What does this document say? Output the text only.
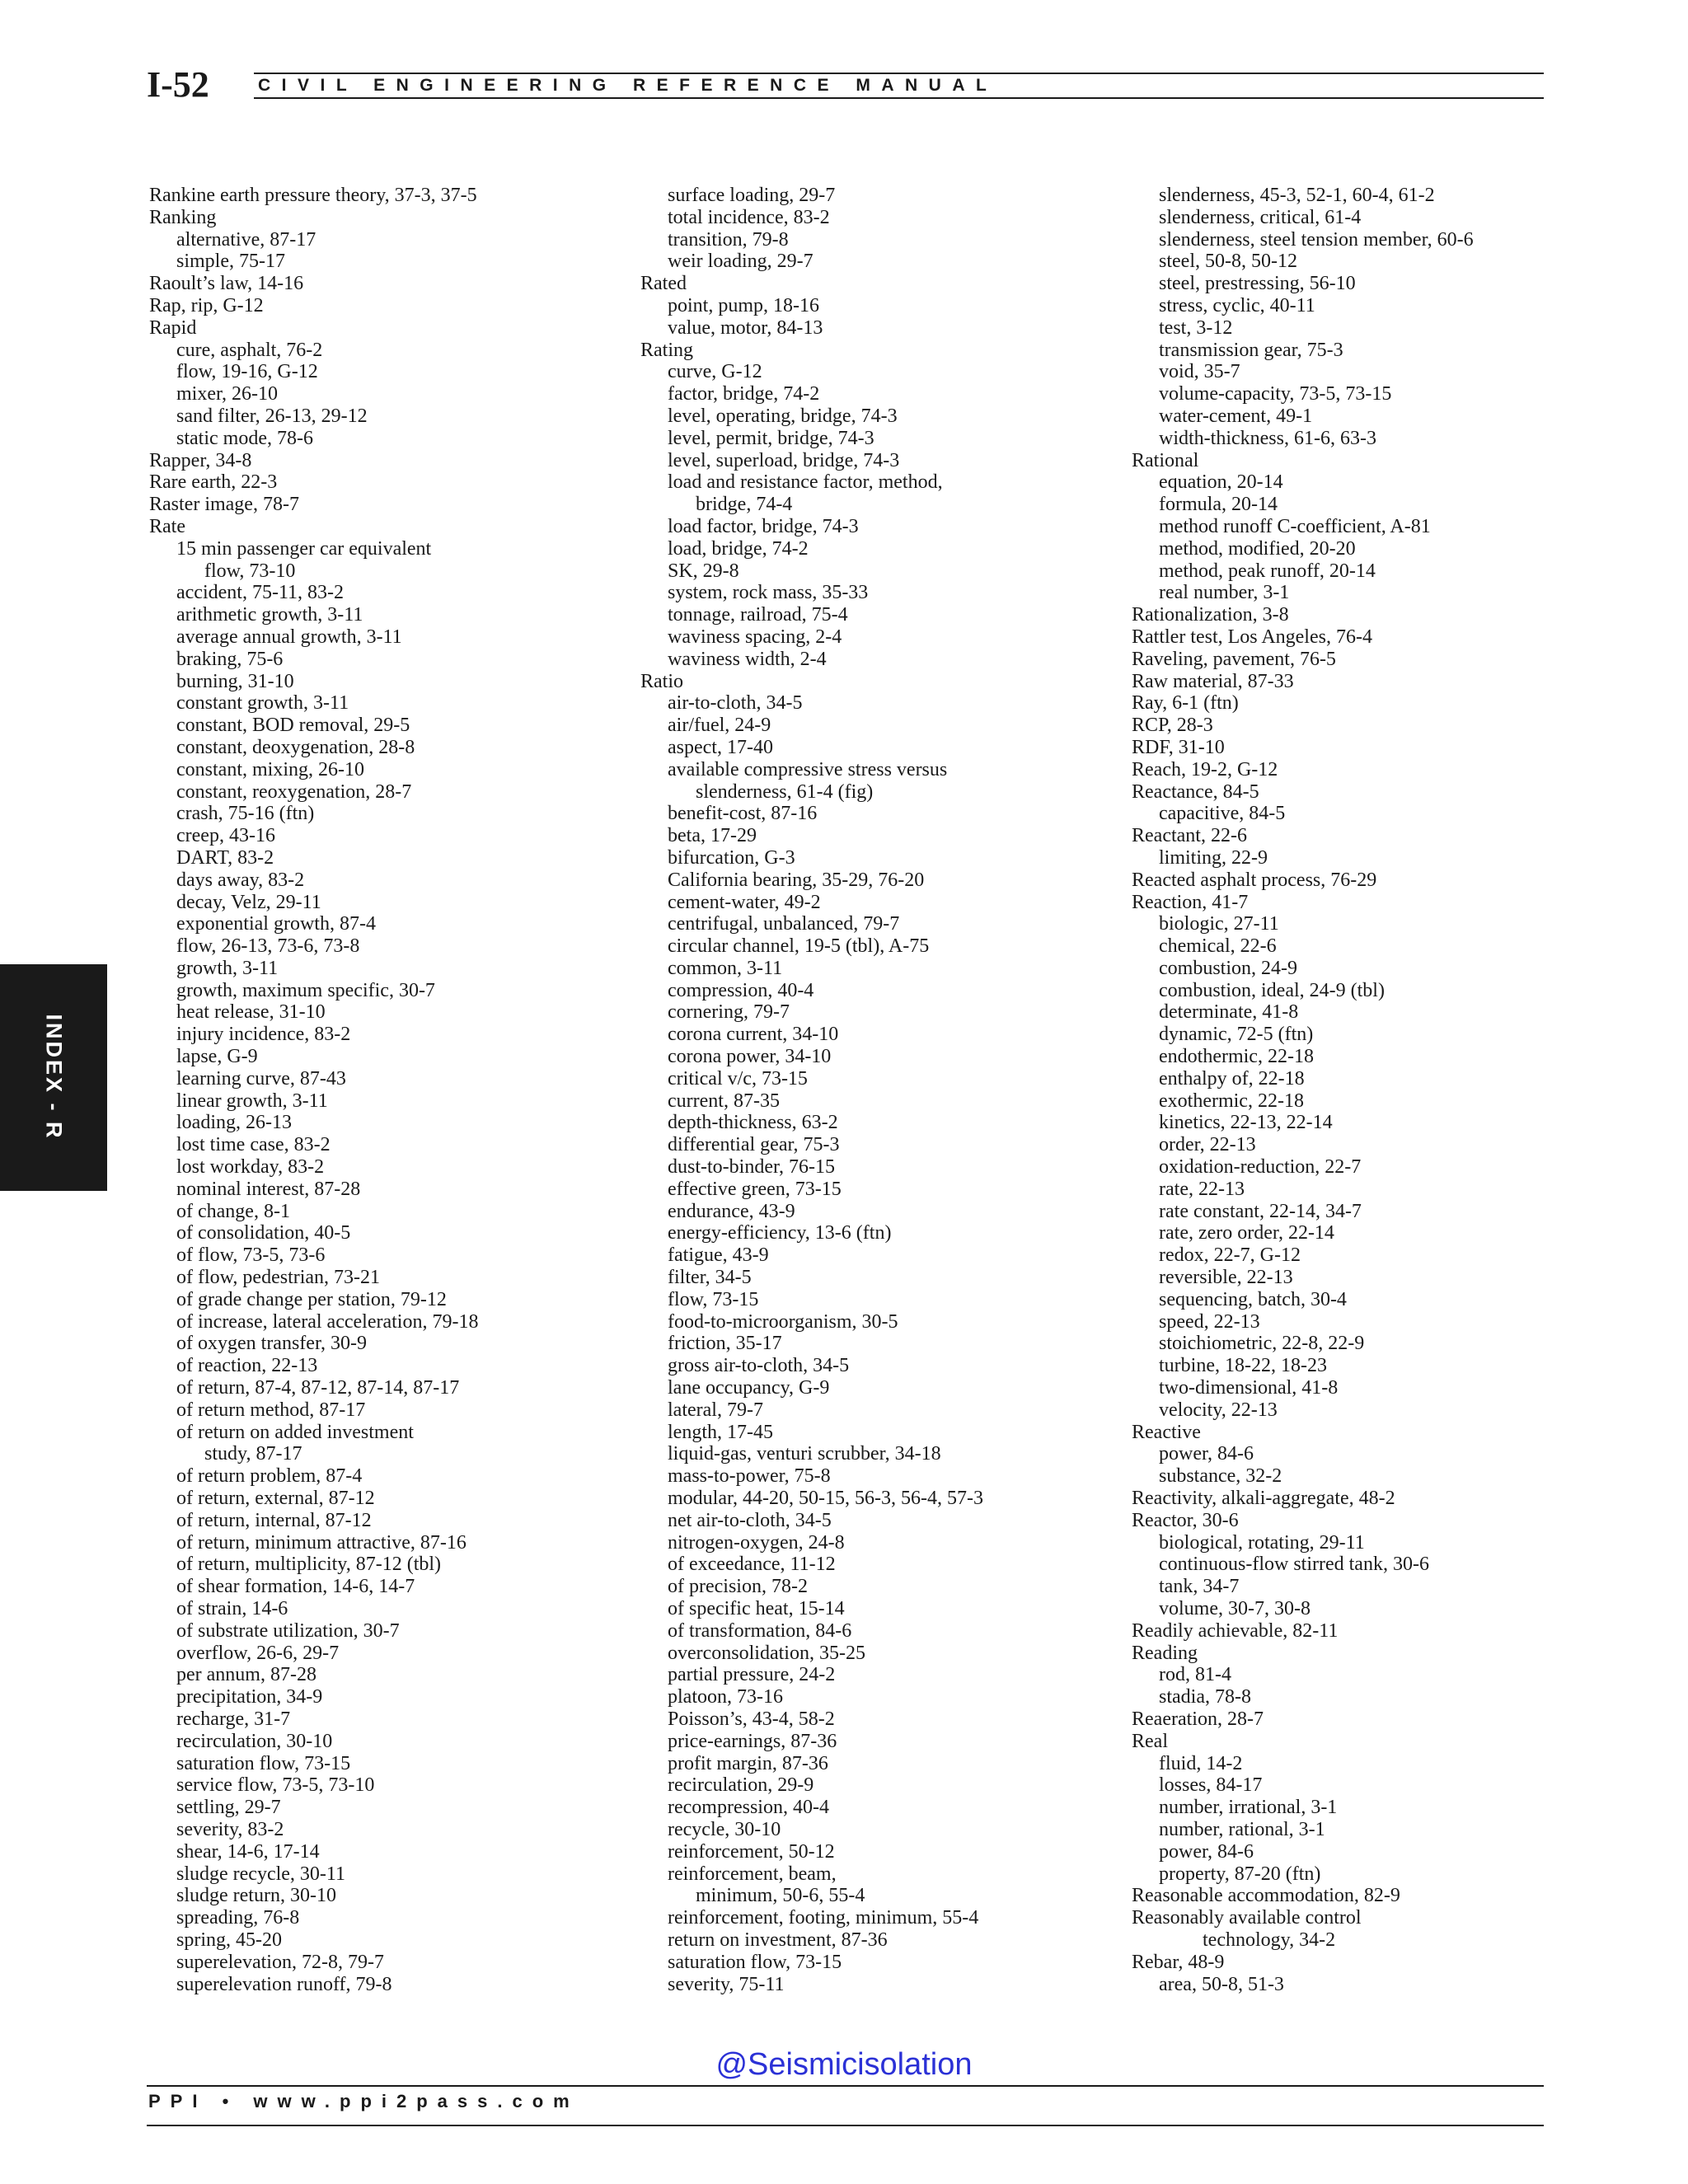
I-52	CIVIL ENGINEERING REFERENCE MANUAL
INDEX - R
Rankine earth pressure theory, 37-3, 37-5
Ranking
alternative, 87-17
simple, 75-17
Raoult’s law, 14-16
Rap, rip, G-12
Rapid
cure, asphalt, 76-2
flow, 19-16, G-12
mixer, 26-10
sand filter, 26-13, 29-12
static mode, 78-6
Rapper, 34-8
Rare earth, 22-3
Raster image, 78-7
Rate
15 min passenger car equivalent
flow, 73-10
accident, 75-11, 83-2
arithmetic growth, 3-11
average annual growth, 3-11
braking, 75-6
burning, 31-10
constant growth, 3-11
constant, BOD removal, 29-5
constant, deoxygenation, 28-8
constant, mixing, 26-10
constant, reoxygenation, 28-7
crash, 75-16 (ftn)
creep, 43-16
DART, 83-2
days away, 83-2
decay, Velz, 29-11
exponential growth, 87-4
flow, 26-13, 73-6, 73-8
growth, 3-11
growth, maximum specific, 30-7
heat release, 31-10
injury incidence, 83-2
lapse, G-9
learning curve, 87-43
linear growth, 3-11
loading, 26-13
lost time case, 83-2
lost workday, 83-2
nominal interest, 87-28
of change, 8-1
of consolidation, 40-5
of flow, 73-5, 73-6
of flow, pedestrian, 73-21
of grade change per station, 79-12
of increase, lateral acceleration, 79-18
of oxygen transfer, 30-9
of reaction, 22-13
of return, 87-4, 87-12, 87-14, 87-17
of return method, 87-17
of return on added investment
study, 87-17
of return problem, 87-4
of return, external, 87-12
of return, internal, 87-12
of return, minimum attractive, 87-16
of return, multiplicity, 87-12 (tbl)
of shear formation, 14-6, 14-7
of strain, 14-6
of substrate utilization, 30-7
overflow, 26-6, 29-7
per annum, 87-28
precipitation, 34-9
recharge, 31-7
recirculation, 30-10
saturation flow, 73-15
service flow, 73-5, 73-10
settling, 29-7
severity, 83-2
shear, 14-6, 17-14
sludge recycle, 30-11
sludge return, 30-10
spreading, 76-8
spring, 45-20
superelevation, 72-8, 79-7
superelevation runoff, 79-8
surface loading, 29-7
total incidence, 83-2
transition, 79-8
weir loading, 29-7
Rated
point, pump, 18-16
value, motor, 84-13
Rating
curve, G-12
factor, bridge, 74-2
level, operating, bridge, 74-3
level, permit, bridge, 74-3
level, superload, bridge, 74-3
load and resistance factor, method,
bridge, 74-4
load factor, bridge, 74-3
load, bridge, 74-2
SK, 29-8
system, rock mass, 35-33
tonnage, railroad, 75-4
waviness spacing, 2-4
waviness width, 2-4
Ratio
air-to-cloth, 34-5
air/fuel, 24-9
aspect, 17-40
available compressive stress versus
slenderness, 61-4 (fig)
benefit-cost, 87-16
beta, 17-29
bifurcation, G-3
California bearing, 35-29, 76-20
cement-water, 49-2
centrifugal, unbalanced, 79-7
circular channel, 19-5 (tbl), A-75
common, 3-11
compression, 40-4
cornering, 79-7
corona current, 34-10
corona power, 34-10
critical v/c, 73-15
current, 87-35
depth-thickness, 63-2
differential gear, 75-3
dust-to-binder, 76-15
effective green, 73-15
endurance, 43-9
energy-efficiency, 13-6 (ftn)
fatigue, 43-9
filter, 34-5
flow, 73-15
food-to-microorganism, 30-5
friction, 35-17
gross air-to-cloth, 34-5
lane occupancy, G-9
lateral, 79-7
length, 17-45
liquid-gas, venturi scrubber, 34-18
mass-to-power, 75-8
modular, 44-20, 50-15, 56-3, 56-4, 57-3
net air-to-cloth, 34-5
nitrogen-oxygen, 24-8
of exceedance, 11-12
of precision, 78-2
of specific heat, 15-14
of transformation, 84-6
overconsolidation, 35-25
partial pressure, 24-2
platoon, 73-16
Poisson’s, 43-4, 58-2
price-earnings, 87-36
profit margin, 87-36
recirculation, 29-9
recompression, 40-4
recycle, 30-10
reinforcement, 50-12
reinforcement, beam,
minimum, 50-6, 55-4
reinforcement, footing, minimum, 55-4
return on investment, 87-36
saturation flow, 73-15
severity, 75-11
slenderness, 45-3, 52-1, 60-4, 61-2
slenderness, critical, 61-4
slenderness, steel tension member, 60-6
steel, 50-8, 50-12
steel, prestressing, 56-10
stress, cyclic, 40-11
test, 3-12
transmission gear, 75-3
void, 35-7
volume-capacity, 73-5, 73-15
water-cement, 49-1
width-thickness, 61-6, 63-3
Rational
equation, 20-14
formula, 20-14
method runoff C-coefficient, A-81
method, modified, 20-20
method, peak runoff, 20-14
real number, 3-1
Rationalization, 3-8
Rattler test, Los Angeles, 76-4
Raveling, pavement, 76-5
Raw material, 87-33
Ray, 6-1 (ftn)
RCP, 28-3
RDF, 31-10
Reach, 19-2, G-12
Reactance, 84-5
capacitive, 84-5
Reactant, 22-6
limiting, 22-9
Reacted asphalt process, 76-29
Reaction, 41-7
biologic, 27-11
chemical, 22-6
combustion, 24-9
combustion, ideal, 24-9 (tbl)
determinate, 41-8
dynamic, 72-5 (ftn)
endothermic, 22-18
enthalpy of, 22-18
exothermic, 22-18
kinetics, 22-13, 22-14
order, 22-13
oxidation-reduction, 22-7
rate, 22-13
rate constant, 22-14, 34-7
rate, zero order, 22-14
redox, 22-7, G-12
reversible, 22-13
sequencing, batch, 30-4
speed, 22-13
stoichiometric, 22-8, 22-9
turbine, 18-22, 18-23
two-dimensional, 41-8
velocity, 22-13
Reactive
power, 84-6
substance, 32-2
Reactivity, alkali-aggregate, 48-2
Reactor, 30-6
biological, rotating, 29-11
continuous-flow stirred tank, 30-6
tank, 34-7
volume, 30-7, 30-8
Readily achievable, 82-11
Reading
rod, 81-4
stadia, 78-8
Reaeration, 28-7
Real
fluid, 14-2
losses, 84-17
number, irrational, 3-1
number, rational, 3-1
power, 84-6
property, 87-20 (ftn)
Reasonable accommodation, 82-9
Reasonably available control
technology, 34-2
Rebar, 48-9
area, 50-8, 51-3
@Seismicisolation
PPI • www.ppi2pass.com
